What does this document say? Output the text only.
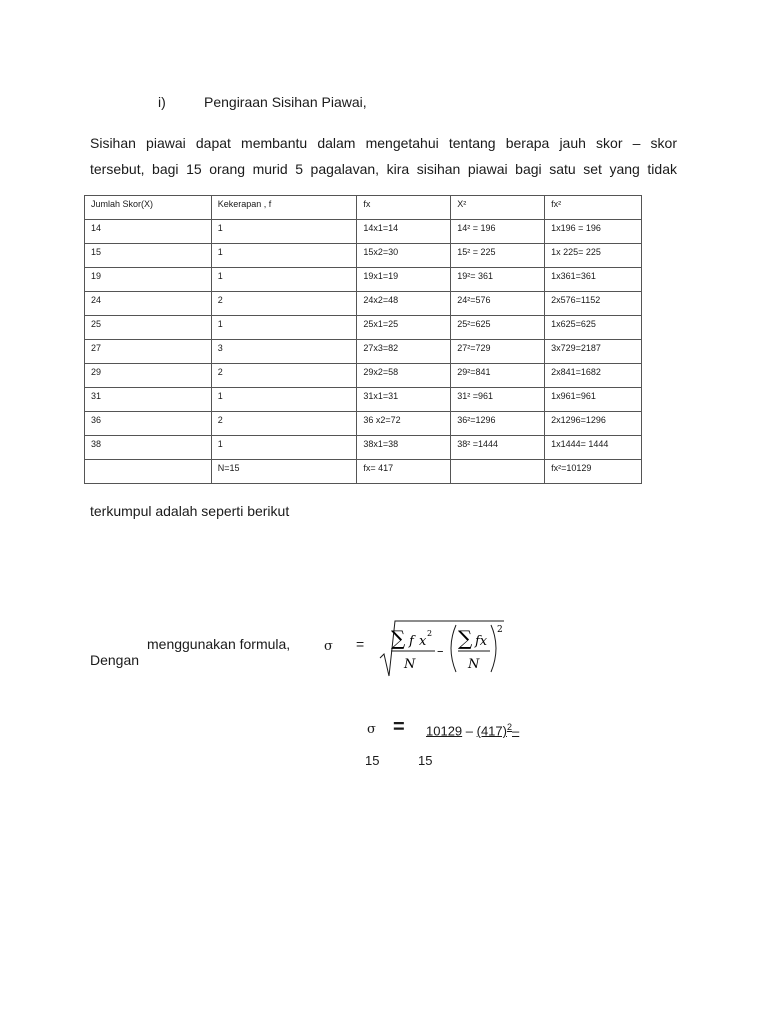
i)	Pengiraan Sisihan Piawai,
Sisihan piawai dapat membantu dalam mengetahui tentang berapa jauh skor – skor
tersebut, bagi 15 orang murid 5 pagalavan, kira sisihan piawai bagi satu set yang tidak
Jumlah Skor(X)	Kekerapan , f	fx	X²	fx²
14	1	14x1=14	14² = 196	1x196 = 196
15	1	15x2=30	15² = 225	1x 225= 225
19	1	19x1=19	19²= 361	1x361=361
24	2	24x2=48	24²=576	2x576=1152
25	1	25x1=25	25²=625	1x625=625
27	3	27x3=82	27²=729	3x729=2187
29	2	29x2=58	29²=841	2x841=1682
31	1	31x1=31	31² =961	1x961=961
36	2	36 x2=72	36²=1296	2x1296=1296
38	1	38x1=38	38² =1444	1x1444= 1444
	N=15	fx= 417		fx²=10129
terkumpul adalah seperti berikut
Dengan
menggunakan formula,	σ = ∑ f x
2
N
–
∑ fx
N
2
$\sigma = 10129 - (417)^2-$
15	15
